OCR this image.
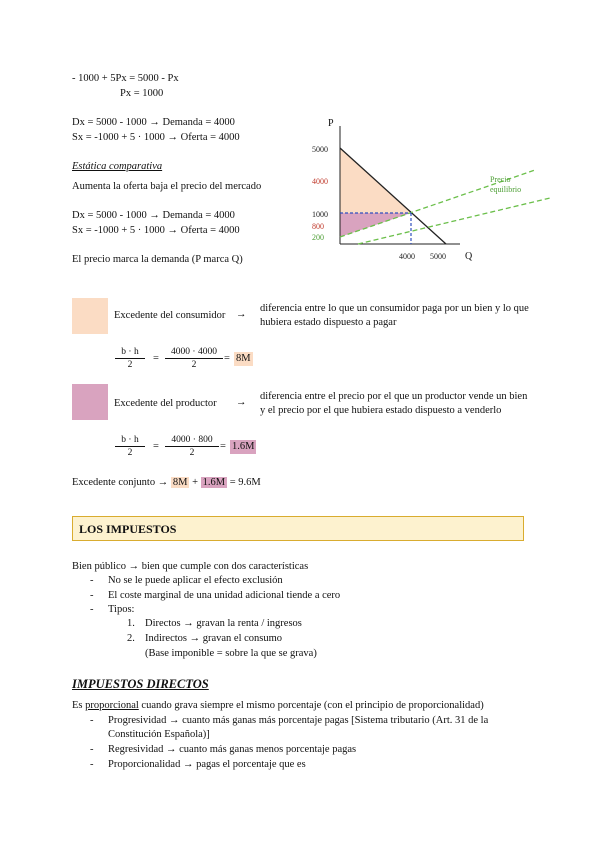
- 1000 + 5Px = 5000 - Px
Px = 1000
Dx = 5000 - 1000 → Demanda = 4000
Sx = -1000 + 5 · 1000 → Oferta = 4000
Estática comparativa
Aumenta la oferta baja el precio del mercado
Dx = 5000 - 1000 → Demanda = 4000
Sx = -1000 + 5 · 1000 → Oferta = 4000
El precio marca la demanda (P marca Q)
P
Q
5000
4000
1000
800
200
4000 5000
Precio
equilibrio
Excedente del consumidor →
diferencia entre lo que un consumidor paga por un bien y lo que
hubiera estado dispuesto a pagar
$\frac{b \cdot h}{2} = \frac{4000 \cdot 4000}{2} = 8M$
Excedente del productor →
diferencia entre el precio por el que un productor vende un bien
y el precio por el que hubiera estado dispuesto a venderlo
$\frac{b \cdot h}{2} = \frac{4000 \cdot 800}{2} = 1.6M$
Excedente conjunto → 8M + 1.6M = 9.6M
LOS IMPUESTOS
Bien público → bien que cumple con dos características
-	No se le puede aplicar el efecto exclusión
-	El coste marginal de una unidad adicional tiende a cero
-	Tipos:
1. Directos → gravan la renta / ingresos
2. Indirectos → gravan el consumo
(Base imponible = sobre la que se grava)
IMPUESTOS DIRECTOS
Es proporcional cuando grava siempre el mismo porcentaje (con el principio de proporcionalidad)
-	Progresividad → cuanto más ganas más porcentaje pagas [Sistema tributario (Art. 31 de la
Constitución Española)]
-	Regresividad → cuanto más ganas menos porcentaje pagas
-	Proporcionalidad → pagas el porcentaje que es
